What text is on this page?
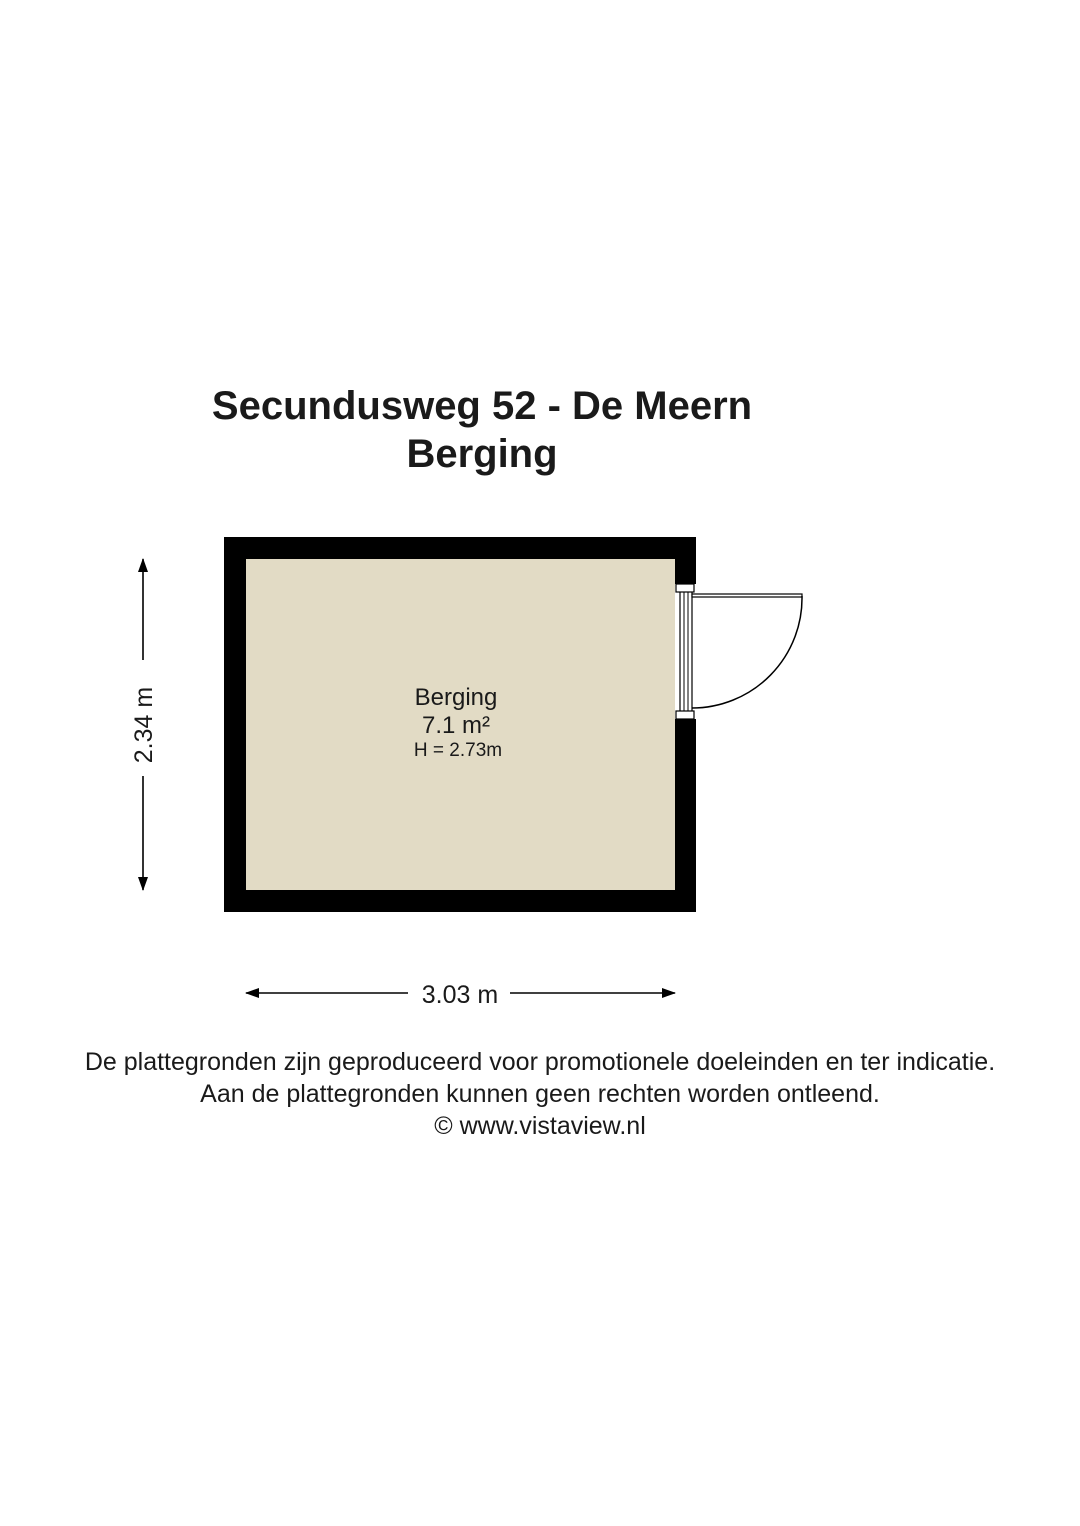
Secundusweg 52 - De Meern
Berging
Berging
7.1 m²
H = 2.73m
2.34 m
3.03 m
De plattegronden zijn geproduceerd voor promotionele doeleinden en ter indicatie.
Aan de plattegronden kunnen geen rechten worden ontleend.
© www.vistaview.nl
